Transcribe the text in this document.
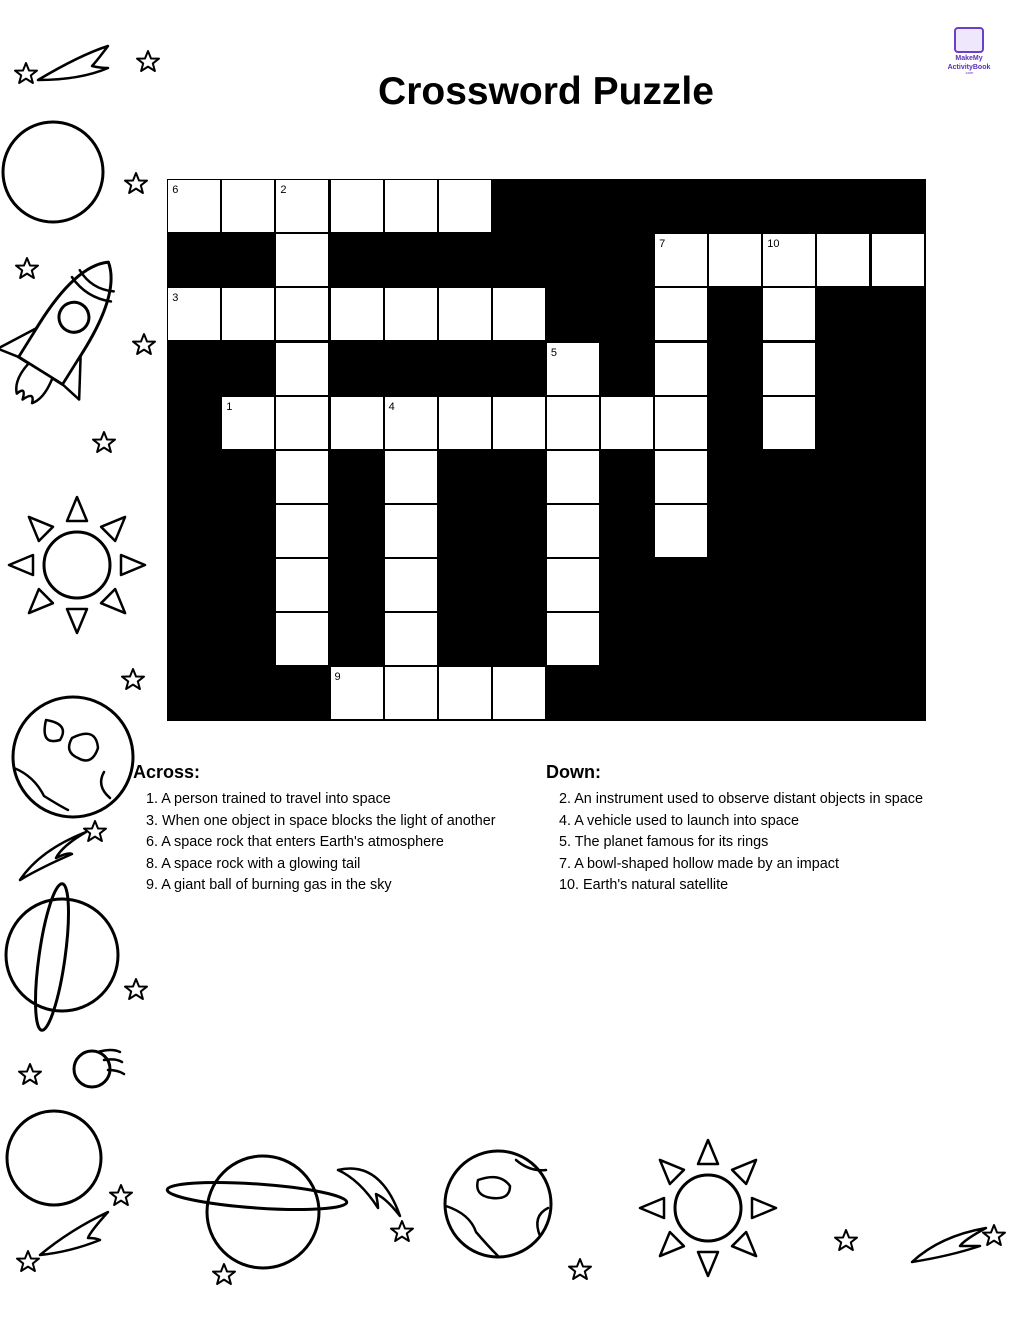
MakeMy
ActivityBook
.com
Crossword Puzzle
6	2
7	10
3
5
1	4
9
Across:
1. A person trained to travel into space
3. When one object in space blocks the light of another
6. A space rock that enters Earth's atmosphere
8. A space rock with a glowing tail
9. A giant ball of burning gas in the sky
Down:
2. An instrument used to observe distant objects in space
4. A vehicle used to launch into space
5. The planet famous for its rings
7. A bowl-shaped hollow made by an impact
10. Earth's natural satellite
